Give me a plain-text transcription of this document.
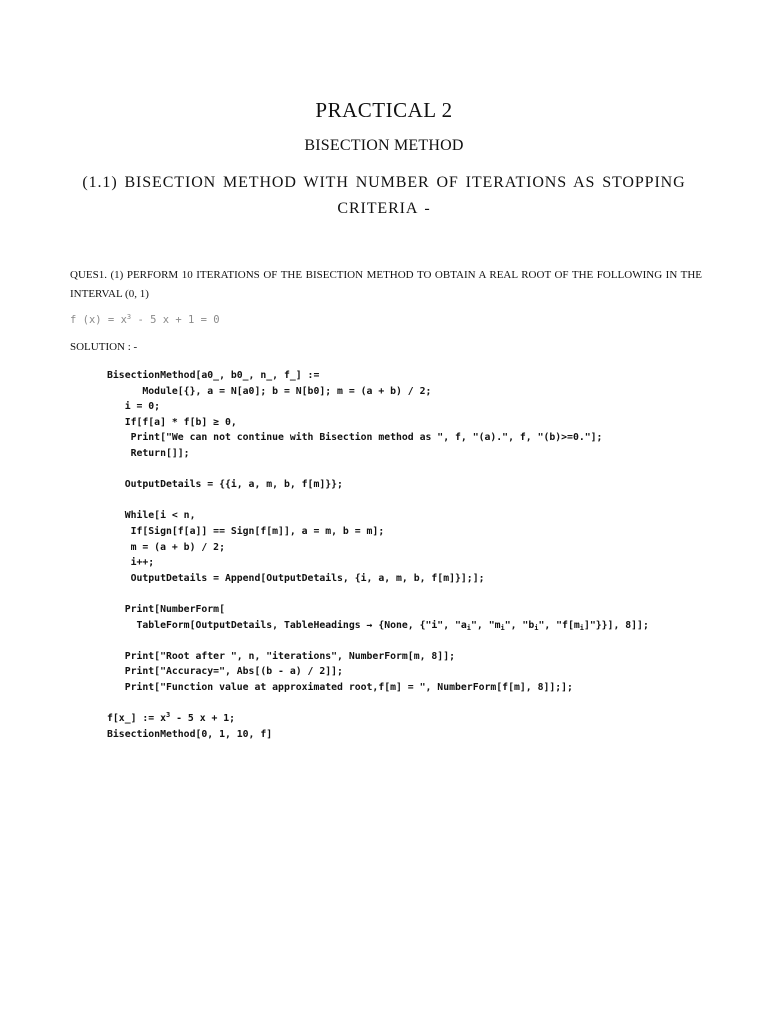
PRACTICAL 2
BISECTION METHOD
(1.1) BISECTION METHOD WITH NUMBER OF ITERATIONS AS STOPPING CRITERIA -
QUES1. (1) PERFORM 10 ITERATIONS OF THE BISECTION METHOD TO OBTAIN A REAL ROOT OF THE FOLLOWING IN THE INTERVAL (0, 1)
f $(x) = x^3 - 5$ x + 1 = 0
SOLUTION : -
BisectionMethod[a0_, b0_, n_, f_] :=
Module[{}, a = N[a0]; b = N[b0]; m = (a + b) / 2;
i = 0;
If[f[a] * f[b] ≥ 0,
Print["We can not continue with Bisection method as ", f, "(a).", f, "(b)>=0."];
Return[]];
OutputDetails = {{i, a, m, b, f[m]}};
While[i < n,
If[Sign[f[a]] == Sign[f[m]], a = m, b = m];
m = (a + b) / 2;
i++;
OutputDetails = Append[OutputDetails, {i, a, m, b, f[m]}];];
Print[NumberForm[
TableForm[OutputDetails, TableHeadings → {None, {"i", "$a_i$", "$m_i$", "$b_i$", "$f[m_i]$"}}], 8]];
Print["Root after ", n, "iterations", NumberForm[m, 8]];
Print["Accuracy=", Abs[(b - a) / 2]];
Print["Function value at approximated root,f[m] = ", NumberForm[f[m], 8]];];
f[x_] := $x^3 - 5$ x + 1;
BisectionMethod[0, 1, 10, f]
